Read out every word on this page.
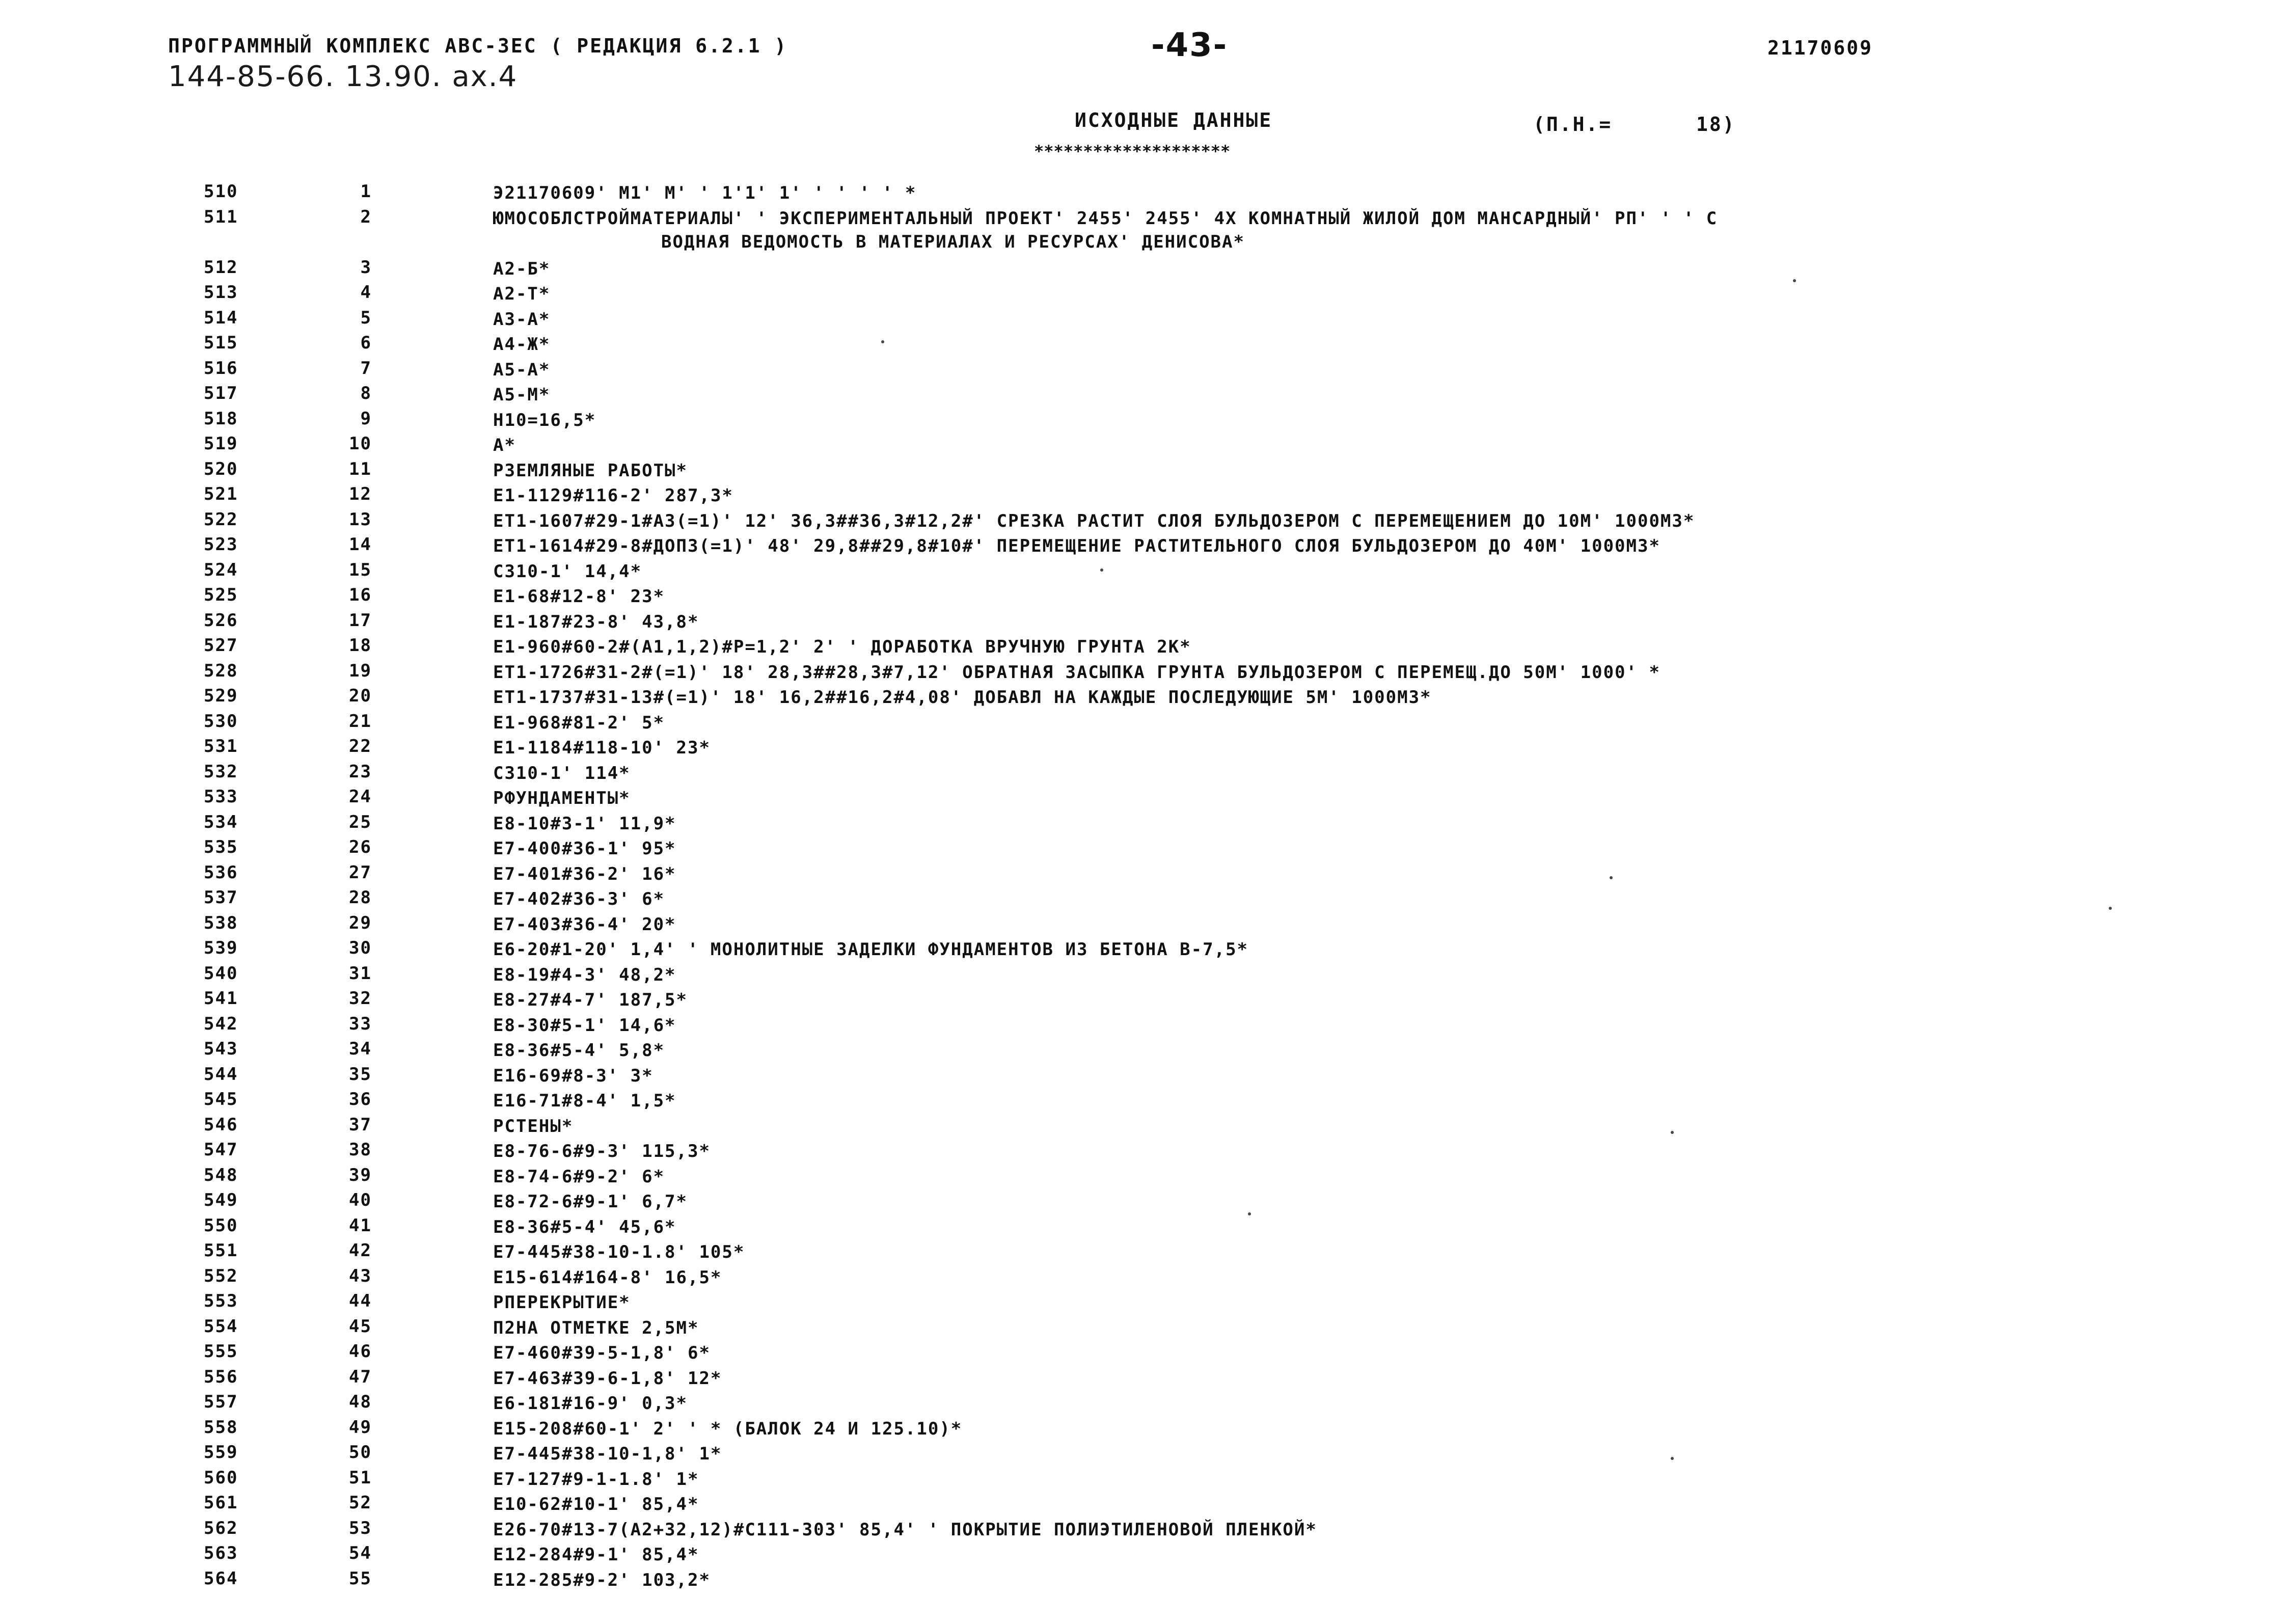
ПРОГРАММНЫЙ КОМПЛЕКС АВС-ЗЕС ( РЕДАКЦИЯ 6.2.1 )	-43-	21170609
144-85-66. 13.90. ах.4
ИСХОДНЫЕ ДАННЫЕ
********************
(П.Н.=	18)
510	1	Э21170609' М1' М' ' 1'1' 1' ' ' ' ' *
511	2	ЮМОСОБЛСТРОЙМАТЕРИАЛЫ' ' ЭКСПЕРИМЕНТАЛЬНЫЙ ПРОЕКТ' 2455' 2455' 4Х КОМНАТНЫЙ ЖИЛОЙ ДОМ МАНСАРДНЫЙ' РП' ' ' С
ВОДНАЯ ВЕДОМОСТЬ В МАТЕРИАЛАХ И РЕСУРСАХ' ДЕНИСОВА*
512	3	А2-Б*
513	4	А2-Т*
514	5	А3-А*
515	6	А4-Ж*
516	7	А5-А*
517	8	А5-М*
518	9	Н10=16,5*
519	10	А*
520	11	РЗЕМЛЯНЫЕ РАБОТЫ*
521	12	Е1-1129#116-2' 287,3*
522	13	ЕТ1-1607#29-1#А3(=1)' 12' 36,3##36,3#12,2#' СРЕЗКА РАСТИТ СЛОЯ БУЛЬДОЗЕРОМ С ПЕРЕМЕЩЕНИЕМ ДО 10М' 1000М3*
523	14	ЕТ1-1614#29-8#ДОП3(=1)' 48' 29,8##29,8#10#' ПЕРЕМЕЩЕНИЕ РАСТИТЕЛЬНОГО СЛОЯ БУЛЬДОЗЕРОМ ДО 40М' 1000М3*
524	15	С310-1' 14,4*
525	16	Е1-68#12-8' 23*
526	17	Е1-187#23-8' 43,8*
527	18	Е1-960#60-2#(А1,1,2)#Р=1,2' 2' ' ДОРАБОТКА ВРУЧНУЮ ГРУНТА 2К*
528	19	ЕТ1-1726#31-2#(=1)' 18' 28,3##28,3#7,12' ОБРАТНАЯ ЗАСЫПКА ГРУНТА БУЛЬДОЗЕРОМ С ПЕРЕМЕЩ.ДО 50М' 1000' *
529	20	ЕТ1-1737#31-13#(=1)' 18' 16,2##16,2#4,08' ДОБАВЛ НА КАЖДЫЕ ПОСЛЕДУЮЩИЕ 5М' 1000М3*
530	21	Е1-968#81-2' 5*
531	22	Е1-1184#118-10' 23*
532	23	С310-1' 114*
533	24	РФУНДАМЕНТЫ*
534	25	Е8-10#3-1' 11,9*
535	26	Е7-400#36-1' 95*
536	27	Е7-401#36-2' 16*
537	28	Е7-402#36-3' 6*
538	29	Е7-403#36-4' 20*
539	30	Е6-20#1-20' 1,4' ' МОНОЛИТНЫЕ ЗАДЕЛКИ ФУНДАМЕНТОВ ИЗ БЕТОНА В-7,5*
540	31	Е8-19#4-3' 48,2*
541	32	Е8-27#4-7' 187,5*
542	33	Е8-30#5-1' 14,6*
543	34	Е8-36#5-4' 5,8*
544	35	Е16-69#8-3' 3*
545	36	Е16-71#8-4' 1,5*
546	37	РСТЕНЫ*
547	38	Е8-76-6#9-3' 115,3*
548	39	Е8-74-6#9-2' 6*
549	40	Е8-72-6#9-1' 6,7*
550	41	Е8-36#5-4' 45,6*
551	42	Е7-445#38-10-1.8' 105*
552	43	Е15-614#164-8' 16,5*
553	44	РПЕРЕКРЫТИЕ*
554	45	П2НА ОТМЕТКЕ 2,5М*
555	46	Е7-460#39-5-1,8' 6*
556	47	Е7-463#39-6-1,8' 12*
557	48	Е6-181#16-9' 0,3*
558	49	Е15-208#60-1' 2' ' * (БАЛОК 24 И 125.10)*
559	50	Е7-445#38-10-1,8' 1*
560	51	Е7-127#9-1-1.8' 1*
561	52	Е10-62#10-1' 85,4*
562	53	Е26-70#13-7(А2+32,12)#С111-303' 85,4' ' ПОКРЫТИЕ ПОЛИЭТИЛЕНОВОЙ ПЛЕНКОЙ*
563	54	Е12-284#9-1' 85,4*
564	55	Е12-285#9-2' 103,2*
